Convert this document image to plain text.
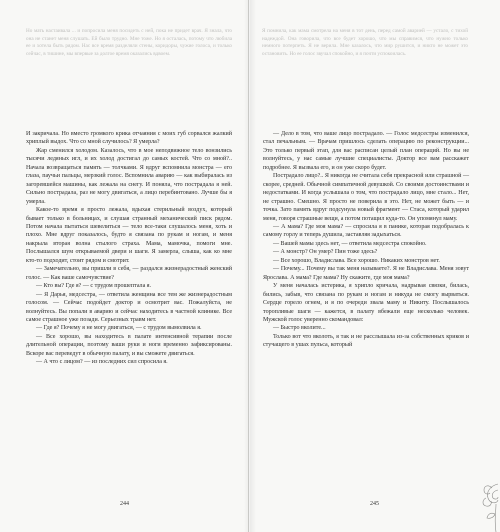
Но мать настаивала ... и попросила меня посидеть с ней, пока не придет врач. Я знала, что она не станет меня слушать. Ей было трудно. Мне тоже. Но я осталась, потому что любила ее и хотела быть рядом. Нас все время разделяли стены, коридоры, чужие голоса, и только сейчас, в тишине, мы впервые за долгое время оказались вдвоем.

И закричала. Но вместо громкого крика отчаяния с моих губ сорвался жалкий хриплый выдох. Что со мной случилось? Я умерла?

Жар сменился холодом. Казалось, что в мое неподвижное тело вонзились тысячи ледяных игл, и их холод достигал до самых костей. Что со мной?.. Начала возвращаться память — толчками. Я вдруг вспомнила монстра — его глаза, паучьи пальцы, мерзкий голос. Вспомнила аварию — как выбиралась из загоревшейся машины, как лежала на снегу. И поняла, что пострадала я ней. Сильно пострадала, раз не могу двигаться, а лицо перебинтовано. Лучше бы я умерла.

Какое-то время я просто лежала, вдыхая стерильный воздух, который бывает только в больницах, и слушая странный механический писк рядом. Потом начала пытаться шевелиться — тело все-таки слушалось меня, хоть и плохо. Мне вдруг показалось, будто я связана по рукам и ногам, и меня накрыла вторая волна стылого страха. Мама, мамочка, помоги мне. Послышался шум открываемой двери и шаги. Я замерла, слыша, как ко мне кто-то подходит, стоит рядом и смотрит.

— Замечательно, вы пришли в себя, — раздался жизнерадостный женский голос. — Как ваше самочувствие?

— Кто вы? Где я? — с трудом прошептала я.

— Я Дарья, медсестра, — ответила женщина все тем же жизнерадостным голосом. — Сейчас подойдет доктор и осмотрит вас. Пожалуйста, не волнуйтесь. Вы попали в аварию и сейчас находитесь в частной клинике. Все самое страшное уже позади. Серьезных травм нет.

— Где я? Почему я не могу двигаться, — с трудом вымолвила я.

— Все хорошо, вы находитесь в палате интенсивной терапии после длительной операции, поэтому ваши руки и ноги временно зафиксированы. Вскоре вас переведут в обычную палату, и вы сможете двигаться.

— А что с лицом? — из последних сил спросила я.

244

Я помнила, как мама смотрела на меня в тот день, перед самой аварией — устало, с тихой надеждой. Она говорила, что все будет хорошо, что мы справимся, что нужно только немного потерпеть. Я не верила. Мне казалось, что мир рушится, и никто не может это остановить. Но ее голос звучал спокойно, и я почти успокоилась.

— Дело в том, что ваше лицо пострадало. — Голос медсестры изменился, стал печальным. — Врачам пришлось сделать операцию по реконструкции... Это только первый этап, для вас расписан целый план операций. Но вы не волнуйтесь, у нас самые лучшие специалисты. Доктор все вам расскажет подробнее. Я вызвала его, и он уже скоро будет.

Пострадало лицо?.. Я никогда не считала себя прекрасной или страшной — скорее, средней. Обычной симпатичной девушкой. Со своими достоинствами и недостатками. И когда услышала о том, что пострадало лицо, мне стало... Нет, не страшно. Смешно. Я просто не поверила в это. Нет, не может быть — и точка. Зато память вдруг подсунула новый фрагмент — Стаса, который ударил меня, говоря страшные вещи, а потом потащил куда-то. Он упомянул маму.

— А мама? Где моя мама? — спросила я в панике, которая подобралась к самому горлу и теперь душила, заставляя задыхаться.

— Вашей мамы здесь нет, — ответила медсестра спокойно.

— А монстр? Он умер? Пин тоже здесь?

— Все хорошо, Владислава. Все хорошо. Никаких монстров нет.

— Почему... Почему вы так меня называете?. Я не Владислава. Меня зовут Ярослава. А мама? Где мама? Ну скажите, где моя мама?

У меня началась истерика, я хрипло кричала, надрывая связки, билась, бились, забыв, что связана по рукам и ногам и никуда не смогу вырваться. Сердце горело огнем, и я по очереди звала маму и Никиту. Послышалось торопливые шаги — кажется, в палату вбежали еще несколько человек. Мужской голос уверенно скомандовал:

— Быстро вколите...

Только вот что вколоть, я так и не расслышала из-за собственных криков и стучащего в ушах пульса, который

245
